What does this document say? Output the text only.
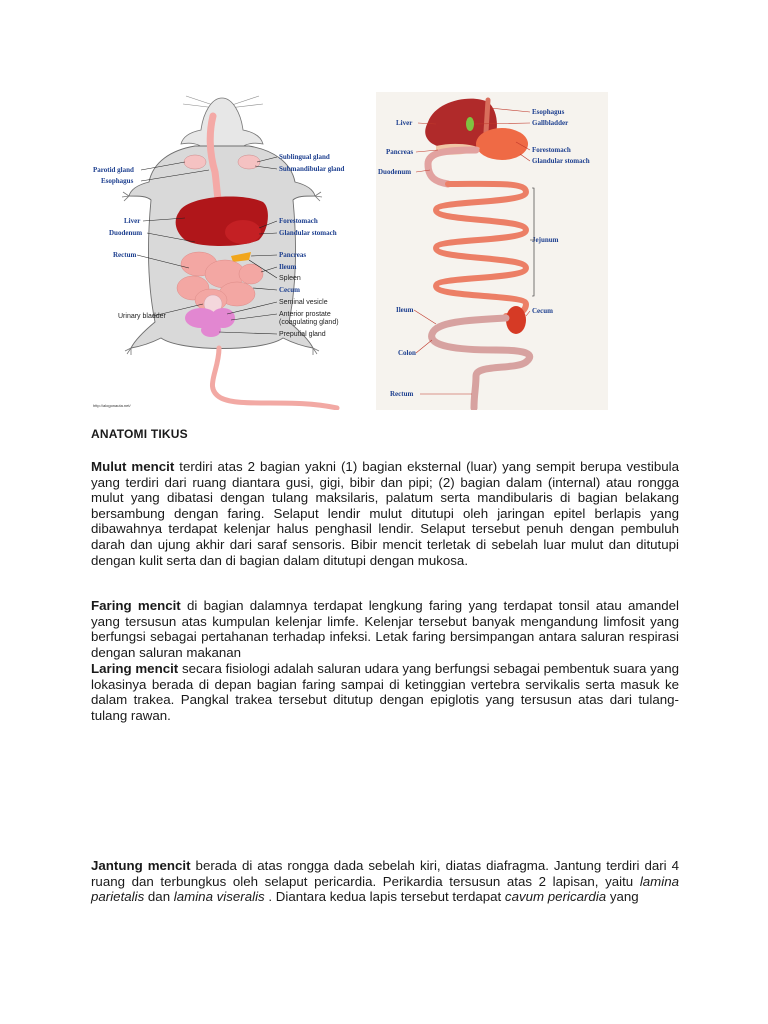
Parotid gland
Esophagus
Liver
Duodenum
Rectum
Urinary bladder
Sublingual gland
Submandibular gland
Forestomach
Glandular stomach
Pancreas
Ileum
Spleen
Cecum
Seminal vesicle
Anterior prostate
(coagulating gland)
Preputial gland
http://alogonauta.net/
Liver
Pancreas
Duodenum
Ileum
Colon
Rectum
Esophagus
Gallbladder
Forestomach
Glandular stomach
Jejunum
Cecum
ANATOMI TIKUS

Mulut mencit terdiri atas 2 bagian yakni (1) bagian eksternal (luar) yang sempit berupa vestibula yang terdiri dari ruang diantara gusi, gigi, bibir dan pipi; (2) bagian dalam (internal) atau rongga mulut yang dibatasi dengan tulang maksilaris, palatum serta mandibularis di bagian belakang bersambung dengan faring. Selaput lendir mulut ditutupi oleh jaringan epitel berlapis yang dibawahnya terdapat kelenjar halus penghasil lendir. Selaput tersebut penuh dengan pembuluh darah dan ujung akhir dari saraf sensoris. Bibir mencit terletak di sebelah luar mulut dan ditutupi dengan kulit serta dan di bagian dalam ditutupi dengan mukosa.

Faring mencit di bagian dalamnya terdapat lengkung faring yang terdapat tonsil atau amandel yang tersusun atas kumpulan kelenjar limfe. Kelenjar tersebut banyak mengandung limfosit yang berfungsi sebagai pertahanan terhadap infeksi. Letak faring bersimpangan antara saluran respirasi dengan saluran makanan

Laring mencit secara fisiologi adalah saluran udara yang berfungsi sebagai pembentuk suara yang lokasinya berada di depan bagian faring sampai di ketinggian vertebra servikalis serta masuk ke dalam trakea. Pangkal trakea tersebut ditutup dengan epiglotis yang tersusun atas dari tulang-tulang rawan.

Jantung mencit berada di atas rongga dada sebelah kiri, diatas diafragma. Jantung terdiri dari 4 ruang dan terbungkus oleh selaput pericardia. Perikardia tersusun atas 2 lapisan, yaitu lamina parietalis dan lamina viseralis . Diantara kedua lapis tersebut terdapat cavum pericardia yang
